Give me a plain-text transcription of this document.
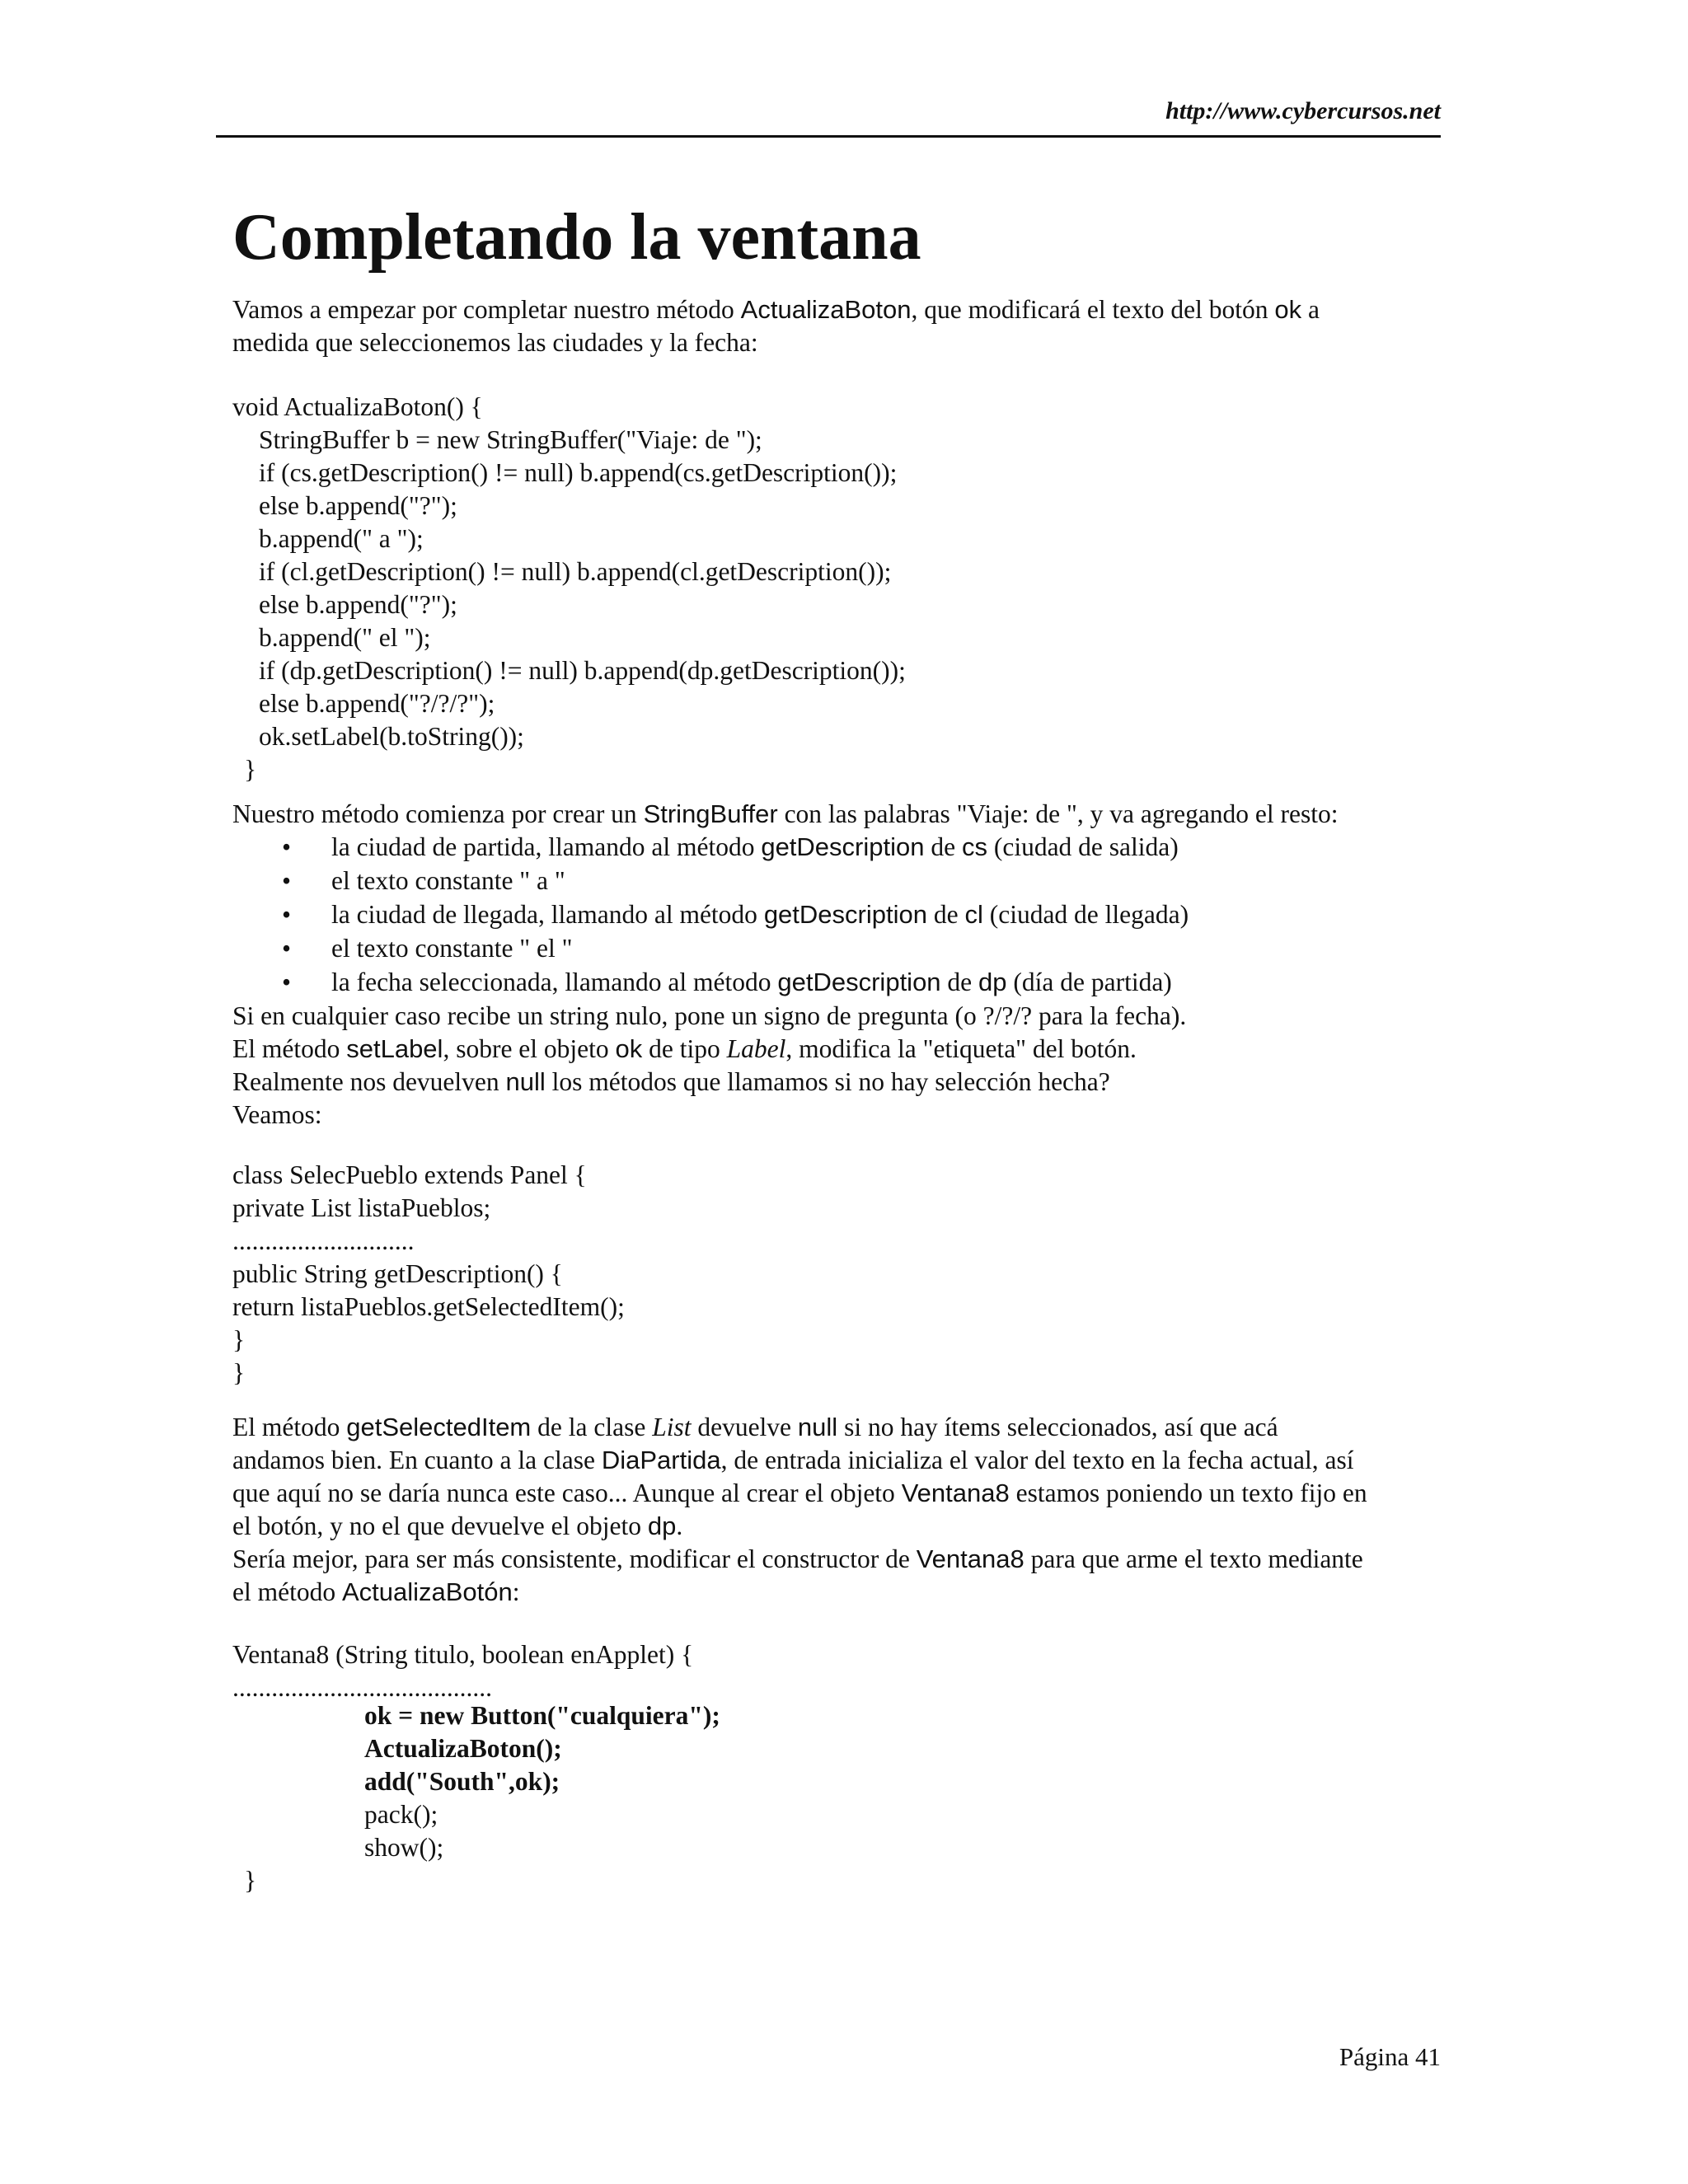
http://www.cybercursos.net
Completando la ventana
Vamos a empezar por completar nuestro método ActualizaBoton, que modificará el texto del botón ok a
medida que seleccionemos las ciudades y la fecha:
void ActualizaBoton() {
StringBuffer b = new StringBuffer("Viaje: de ");
if (cs.getDescription() != null) b.append(cs.getDescription());
else b.append("?");
b.append(" a ");
if (cl.getDescription() != null) b.append(cl.getDescription());
else b.append("?");
b.append(" el ");
if (dp.getDescription() != null) b.append(dp.getDescription());
else b.append("?/?/?");
ok.setLabel(b.toString());
}
Nuestro método comienza por crear un StringBuffer con las palabras "Viaje: de ", y va agregando el resto:
• la ciudad de partida, llamando al método getDescription de cs (ciudad de salida)
• el texto constante " a "
• la ciudad de llegada, llamando al método getDescription de cl (ciudad de llegada)
• el texto constante " el "
• la fecha seleccionada, llamando al método getDescription de dp (día de partida)
Si en cualquier caso recibe un string nulo, pone un signo de pregunta (o ?/?/? para la fecha).
El método setLabel, sobre el objeto ok de tipo Label, modifica la "etiqueta" del botón.
Realmente nos devuelven null los métodos que llamamos si no hay selección hecha?
Veamos:
class SelecPueblo extends Panel {
private List listaPueblos;
............................
public String getDescription() {
return listaPueblos.getSelectedItem();
}
}
El método getSelectedItem de la clase List devuelve null si no hay ítems seleccionados, así que acá
andamos bien. En cuanto a la clase DiaPartida, de entrada inicializa el valor del texto en la fecha actual, así
que aquí no se daría nunca este caso... Aunque al crear el objeto Ventana8 estamos poniendo un texto fijo en
el botón, y no el que devuelve el objeto dp.
Sería mejor, para ser más consistente, modificar el constructor de Ventana8 para que arme el texto mediante
el método ActualizaBotón:
Ventana8 (String titulo, boolean enApplet) {
........................................
ok = new Button("cualquiera");
ActualizaBoton();
add("South",ok);
pack();
show();
}
Página 41
